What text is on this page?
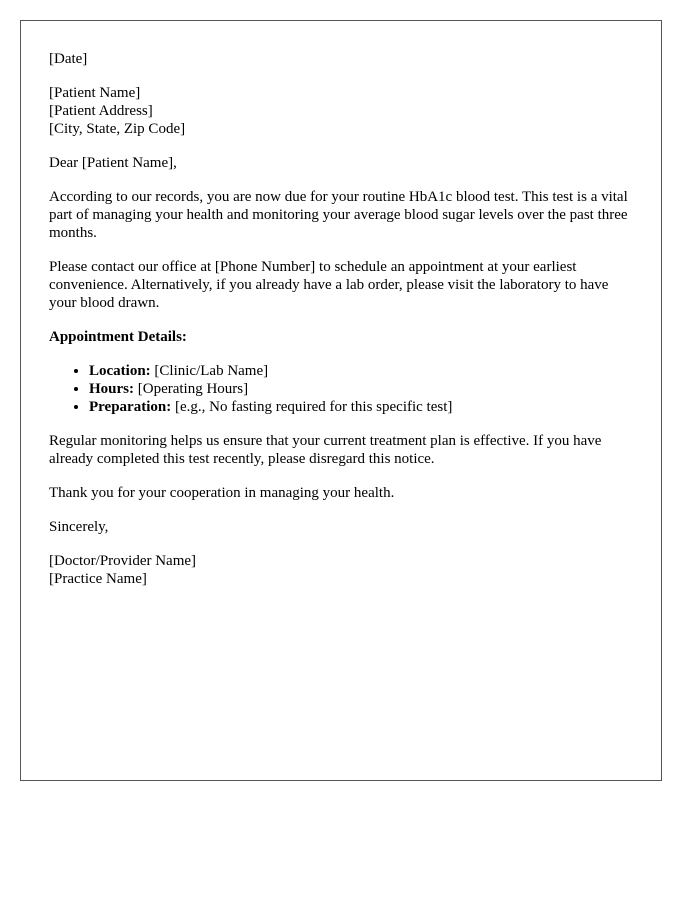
[Date]

[Patient Name]
[Patient Address]
[City, State, Zip Code]

Dear [Patient Name],

According to our records, you are now due for your routine HbA1c blood test. This test is a vital part of managing your health and monitoring your average blood sugar levels over the past three months.

Please contact our office at [Phone Number] to schedule an appointment at your earliest convenience. Alternatively, if you already have a lab order, please visit the laboratory to have your blood drawn.

Appointment Details:

• Location: [Clinic/Lab Name]
• Hours: [Operating Hours]
• Preparation: [e.g., No fasting required for this specific test]

Regular monitoring helps us ensure that your current treatment plan is effective. If you have already completed this test recently, please disregard this notice.

Thank you for your cooperation in managing your health.

Sincerely,

[Doctor/Provider Name]
[Practice Name]
